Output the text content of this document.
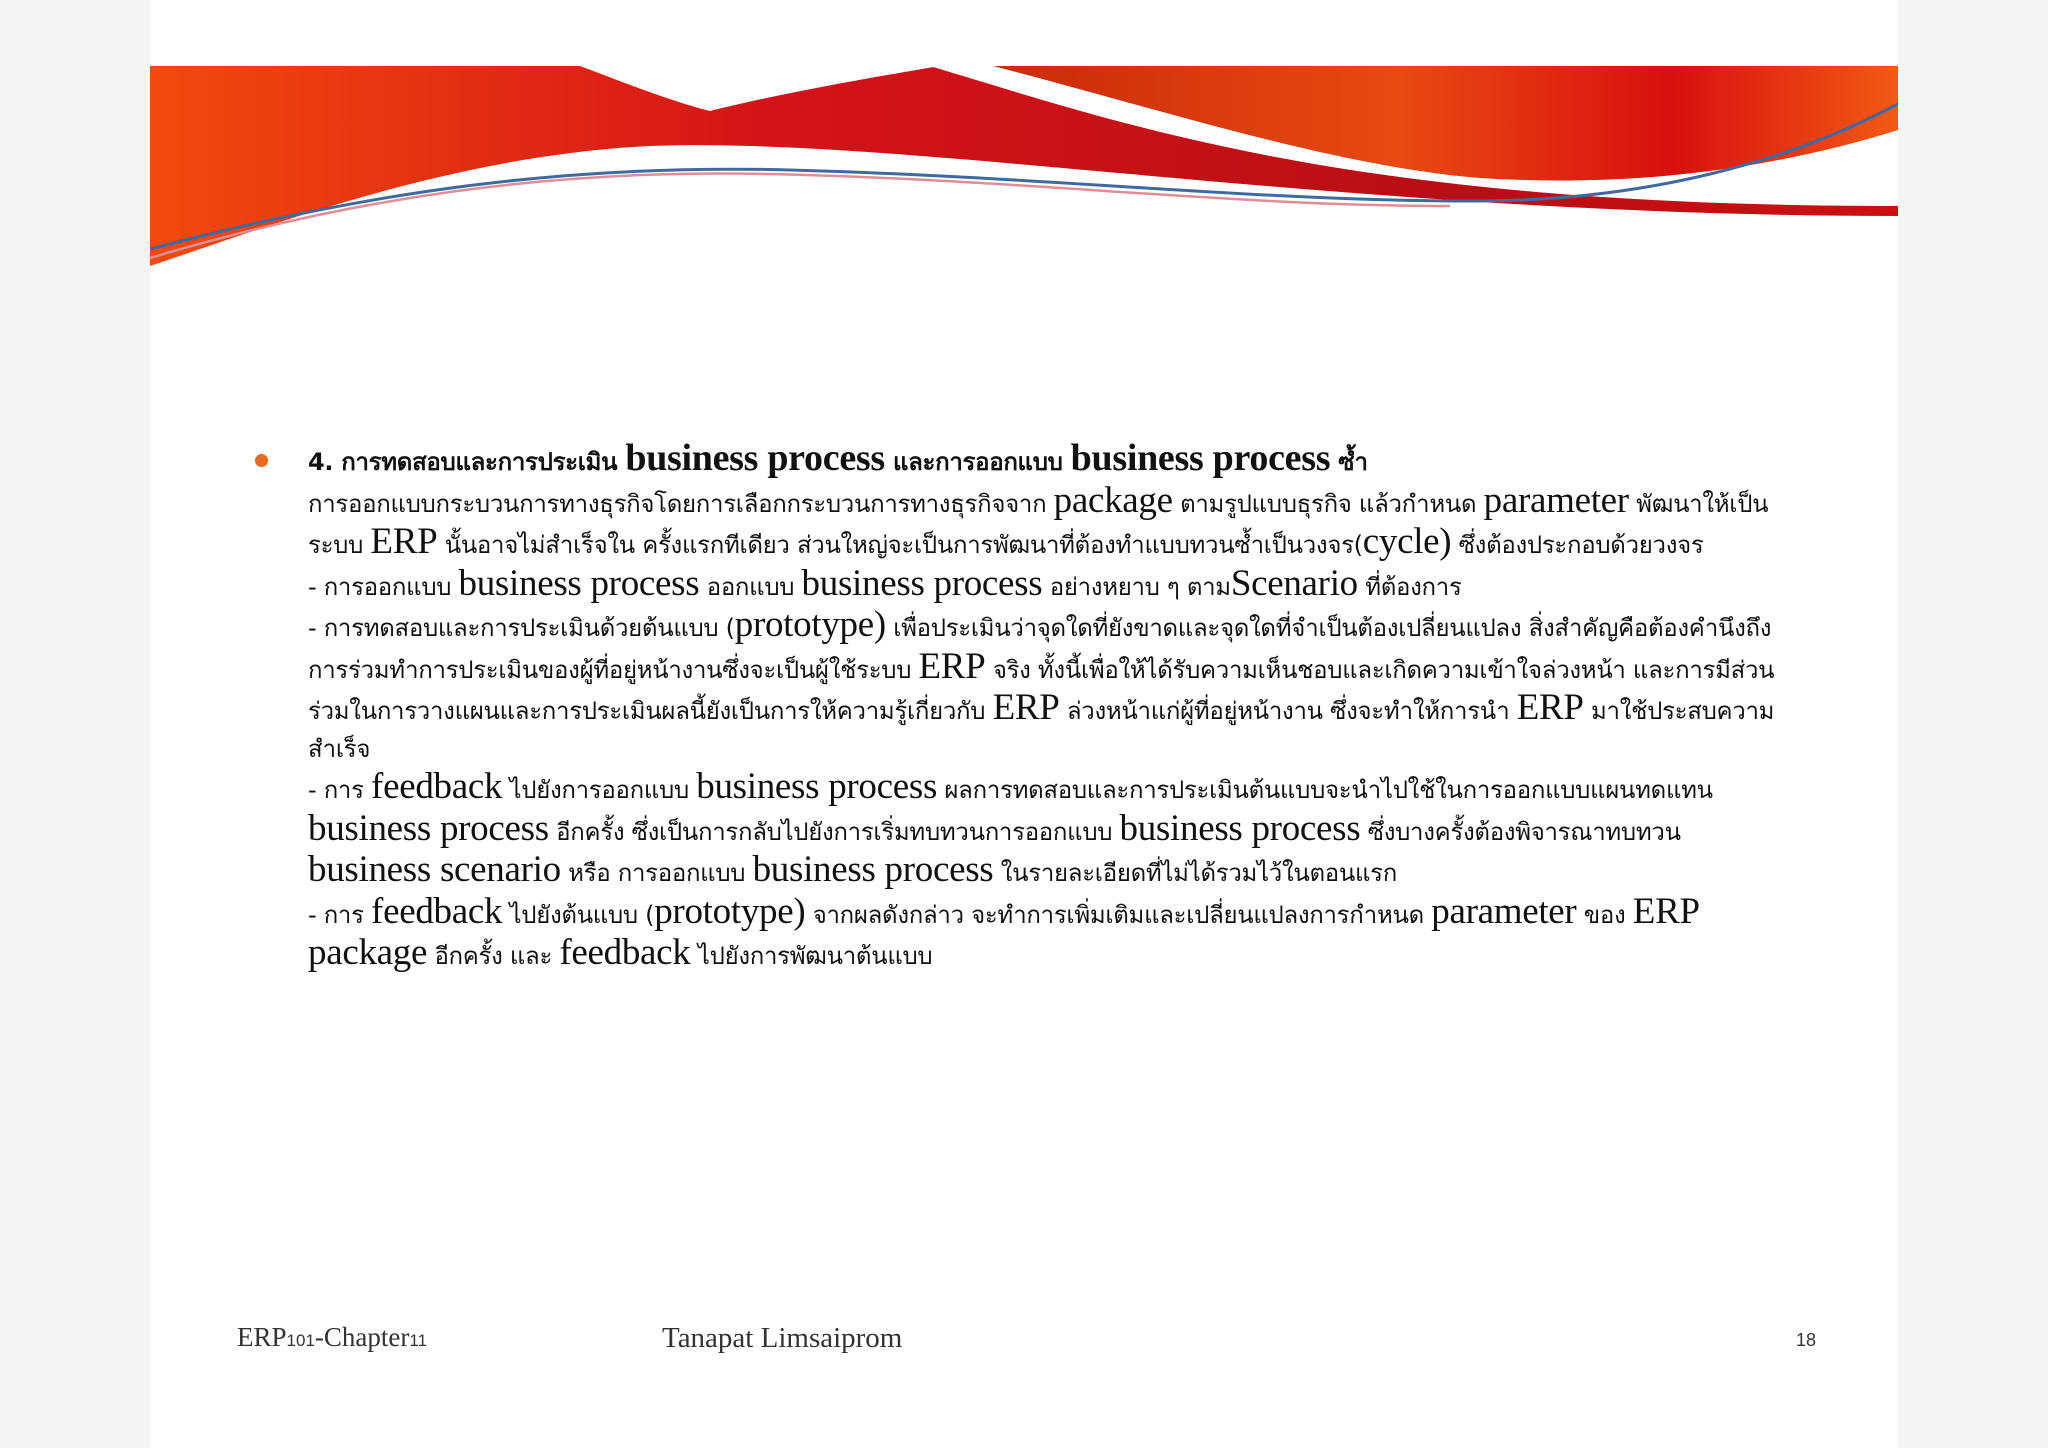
4. การทดสอบและการประเมิน business process และการออกแบบ business process ซ้ำ

การออกแบบกระบวนการทางธุรกิจโดยการเลือกกระบวนการทางธุรกิจจาก package ตามรูปแบบธุรกิจ แล้วกำหนด parameter พัฒนาให้เป็นระบบ ERP นั้นอาจไม่สำเร็จใน ครั้งแรกทีเดียว ส่วนใหญ่จะเป็นการพัฒนาที่ต้องทำแบบทวนซ้ำเป็นวงจร(cycle) ซึ่งต้องประกอบด้วยวงจร

- การออกแบบ business process ออกแบบ business process อย่างหยาบ ๆ ตามScenario ที่ต้องการ

- การทดสอบและการประเมินด้วยต้นแบบ (prototype) เพื่อประเมินว่าจุดใดที่ยังขาดและจุดใดที่จำเป็นต้องเปลี่ยนแปลง สิ่งสำคัญคือต้องคำนึงถึงการร่วมทำการประเมินของผู้ที่อยู่หน้างานซึ่งจะเป็นผู้ใช้ระบบ ERP จริง ทั้งนี้เพื่อให้ได้รับความเห็นชอบและเกิดความเข้าใจล่วงหน้า และการมีส่วนร่วมในการวางแผนและการประเมินผลนี้ยังเป็นการให้ความรู้เกี่ยวกับ ERP ล่วงหน้าแก่ผู้ที่อยู่หน้างาน ซึ่งจะทำให้การนำ ERP มาใช้ประสบความสำเร็จ

- การ feedback ไปยังการออกแบบ business process ผลการทดสอบและการประเมินต้นแบบจะนำไปใช้ในการออกแบบแผนทดแทน business process อีกครั้ง ซึ่งเป็นการกลับไปยังการเริ่มทบทวนการออกแบบ business process ซึ่งบางครั้งต้องพิจารณาทบทวน business scenario หรือ การออกแบบ business process ในรายละเอียดที่ไม่ได้รวมไว้ในตอนแรก

- การ feedback ไปยังต้นแบบ (prototype) จากผลดังกล่าว จะทำการเพิ่มเติมและเปลี่ยนแปลงการกำหนด parameter ของ ERP package อีกครั้ง และ feedback ไปยังการพัฒนาต้นแบบ

ERP101-Chapter11	Tanapat Limsaiprom	18
